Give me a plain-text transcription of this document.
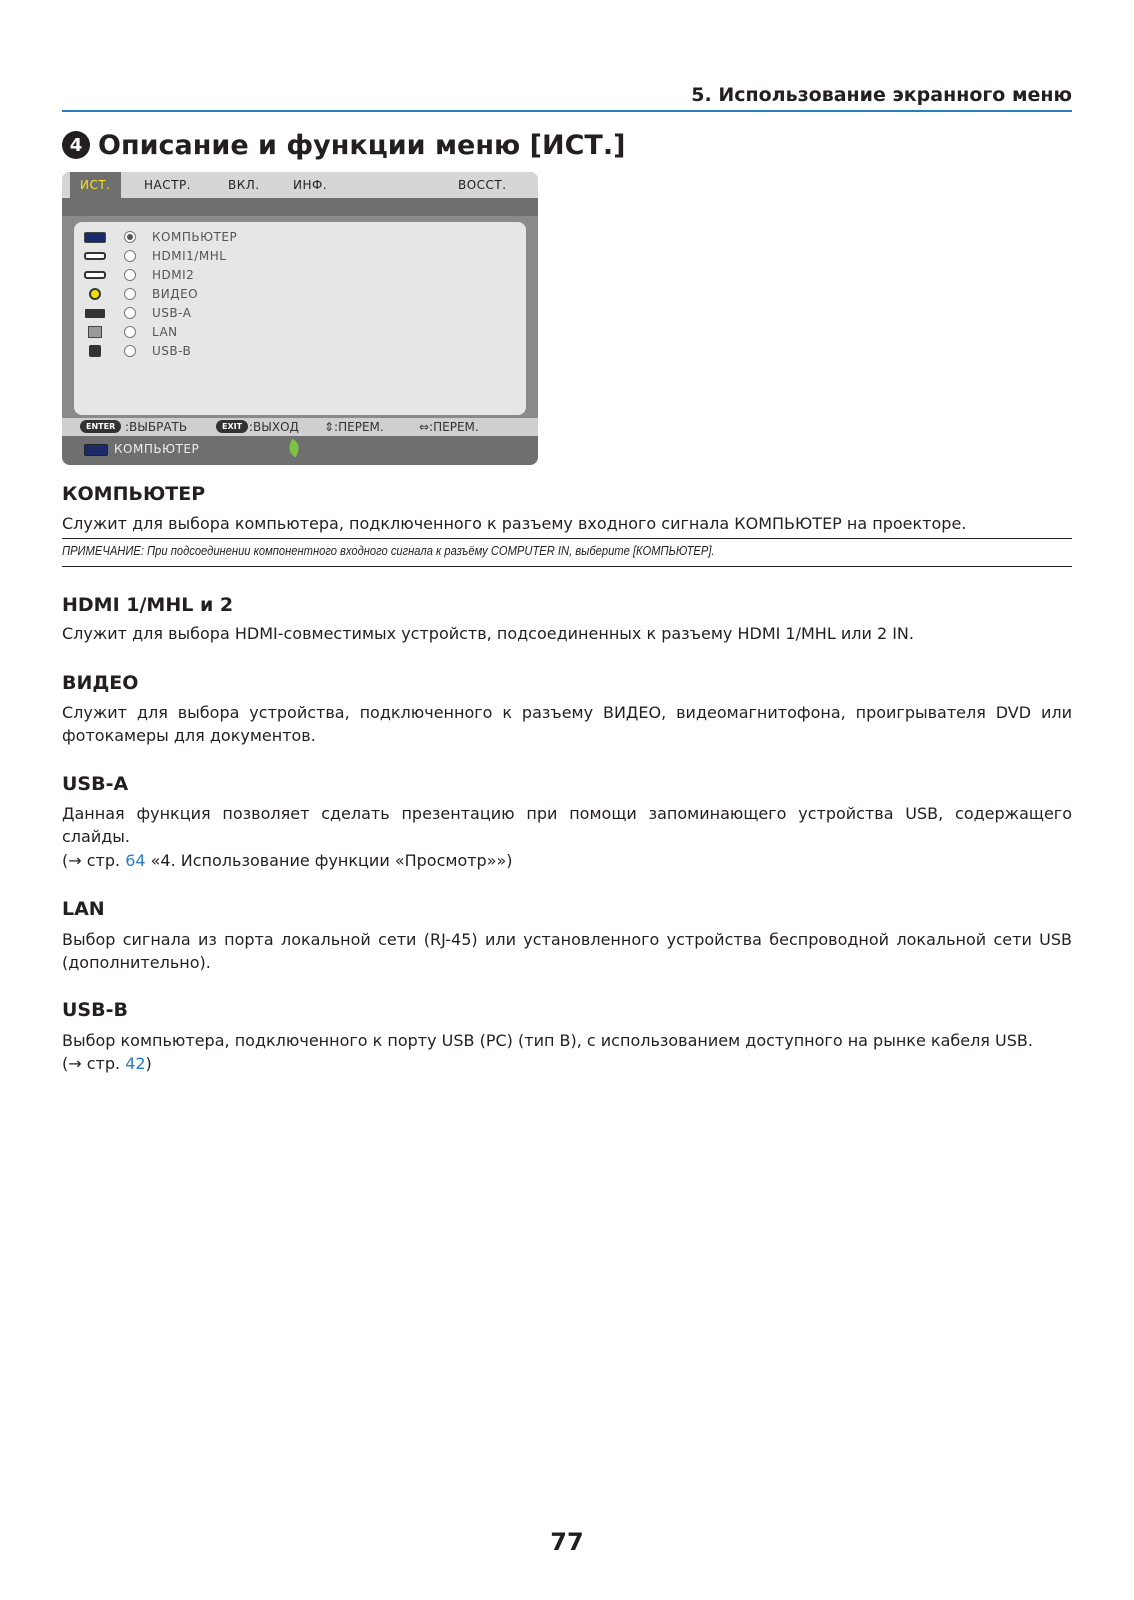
5. Использование экранного меню
4 Описание и функции меню [ИСТ.]
ИСТ.	НАСТР.	ВКЛ.	ИНФ.	ВОССТ.
КОМПЬЮТЕР
HDMI1/MHL
HDMI2
ВИДЕО
USB-A
LAN
USB-B
ENTER :ВЫБРАТЬ	EXIT :ВЫХОД ⇕:ПЕРЕМ.	⇔:ПЕРЕМ.
КОМПЬЮТЕР
КОМПЬЮТЕР
Служит для выбора компьютера, подключенного к разъему входного сигнала КОМПЬЮТЕР на проекторе.
ПРИМЕЧАНИЕ: При подсоединении компонентного входного сигнала к разъёму COMPUTER IN, выберите [КОМПЬЮТЕР].
HDMI 1/MHL и 2
Служит для выбора HDMI-совместимых устройств, подсоединенных к разъему HDMI 1/MHL или 2 IN.
ВИДЕО
Служит для выбора устройства, подключенного к разъему ВИДЕО, видеомагнитофона, проигрывателя DVD или фотокамеры для документов.
USB-A
Данная функция позволяет сделать презентацию при помощи запоминающего устройства USB, содержащего слайды.
(→ стр. 64 «4. Использование функции «Просмотр»»)
LAN
Выбор сигнала из порта локальной сети (RJ-45) или установленного устройства беспроводной локальной сети USB (дополнительно).
USB-B
Выбор компьютера, подключенного к порту USB (PC) (тип B), с использованием доступного на рынке кабеля USB.
(→ стр. 42)
77
